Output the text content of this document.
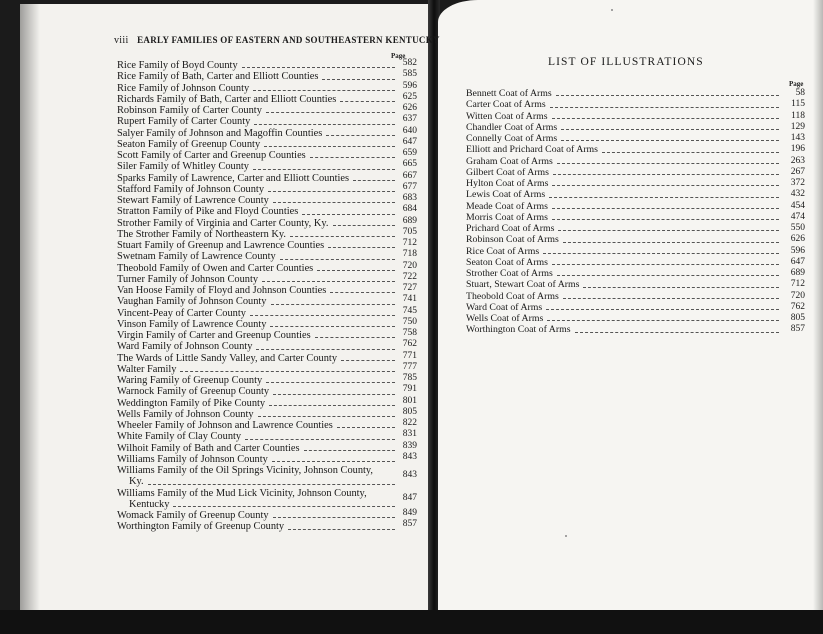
viii EARLY FAMILIES OF EASTERN AND SOUTHEASTERN KENTUCKY
Page
Rice Family of Boyd County	582
Rice Family of Bath, Carter and Elliott Counties	585
Rice Family of Johnson County	596
Richards Family of Bath, Carter and Elliott Counties	625
Robinson Family of Carter County	626
Rupert Family of Carter County	637
Salyer Family of Johnson and Magoffin Counties	640
Seaton Family of Greenup County	647
Scott Family of Carter and Greenup Counties	659
Siler Family of Whitley County	665
Sparks Family of Lawrence, Carter and Elliott Counties	667
Stafford Family of Johnson County	677
Stewart Family of Lawrence County	683
Stratton Family of Pike and Floyd Counties	684
Strother Family of Virginia and Carter County, Ky.	689
The Strother Family of Northeastern Ky.	705
Stuart Family of Greenup and Lawrence Counties	712
Swetnam Family of Lawrence County	718
Theobold Family of Owen and Carter Counties	720
Turner Family of Johnson County	722
Van Hoose Family of Floyd and Johnson Counties	727
Vaughan Family of Johnson County	741
Vincent-Peay of Carter County	745
Vinson Family of Lawrence County	750
Virgin Family of Carter and Greenup Counties	758
Ward Family of Johnson County	762
The Wards of Little Sandy Valley, and Carter County	771
Walter Family	777
Waring Family of Greenup County	785
Warnock Family of Greenup County	791
Weddington Family of Pike County	801
Wells Family of Johnson County	805
Wheeler Family of Johnson and Lawrence Counties	822
White Family of Clay County	831
Wilhoit Family of Bath and Carter Counties	839
Williams Family of Johnson County	843
Williams Family of the Oil Springs Vicinity, Johnson County,
Ky.
843
Williams Family of the Mud Lick Vicinity, Johnson County,
Kentucky
847
Womack Family of Greenup County	849
Worthington Family of Greenup County	857
LIST OF ILLUSTRATIONS
Page
Bennett Coat of Arms	58
Carter Coat of Arms	115
Witten Coat of Arms	118
Chandler Coat of Arms	129
Connelly Coat of Arms	143
Elliott and Prichard Coat of Arms	196
Graham Coat of Arms	263
Gilbert Coat of Arms	267
Hylton Coat of Arms	372
Lewis Coat of Arms	432
Meade Coat of Arms	454
Morris Coat of Arms	474
Prichard Coat of Arms	550
Robinson Coat of Arms	626
Rice Coat of Arms	596
Seaton Coat of Arms	647
Strother Coat of Arms	689
Stuart, Stewart Coat of Arms	712
Theobold Coat of Arms	720
Ward Coat of Arms	762
Wells Coat of Arms	805
Worthington Coat of Arms	857
